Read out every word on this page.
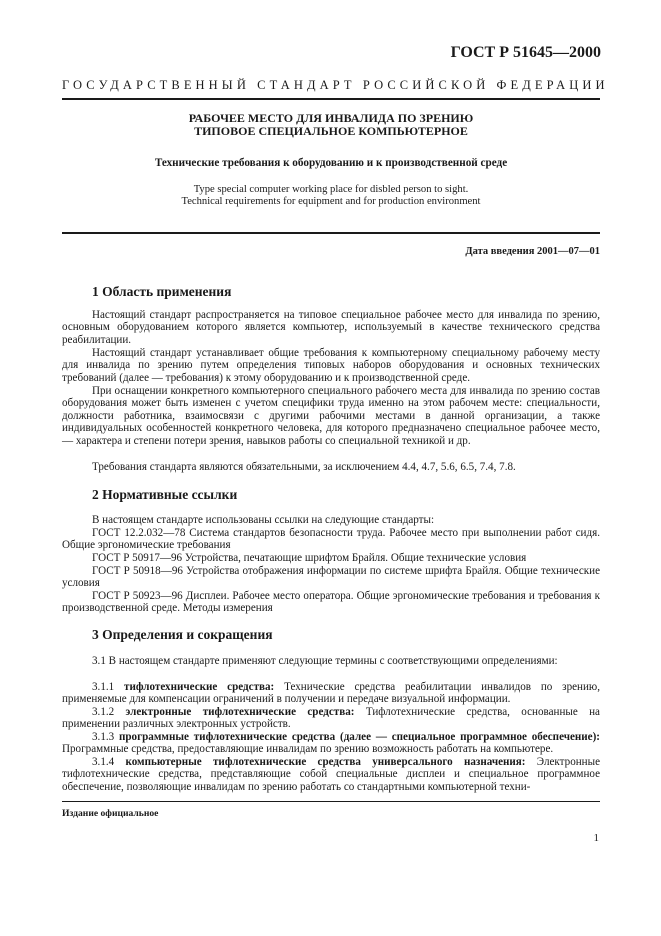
ГОСТ Р 51645—2000
ГОСУДАРСТВЕННЫЙ СТАНДАРТ РОССИЙСКОЙ ФЕДЕРАЦИИ
РАБОЧЕЕ МЕСТО ДЛЯ ИНВАЛИДА ПО ЗРЕНИЮ
ТИПОВОЕ СПЕЦИАЛЬНОЕ КОМПЬЮТЕРНОЕ
Технические требования к оборудованию и к производственной среде
Type special computer working place for disbled person to sight.
Technical requirements for equipment and for production environment
Дата введения 2001—07—01
1 Область применения
Настоящий стандарт распространяется на типовое специальное рабочее место для инвалида по зрению, основным оборудованием которого является компьютер, используемый в качестве технического средства реабилитации.
Настоящий стандарт устанавливает общие требования к компьютерному специальному рабочему месту для инвалида по зрению путем определения типовых наборов оборудования и основных технических требований (далее — требования) к этому оборудованию и к производственной среде.
При оснащении конкретного компьютерного специального рабочего места для инвалида по зрению состав оборудования может быть изменен с учетом специфики труда именно на этом рабочем месте: специальности, должности работника, взаимосвязи с другими рабочими местами в данной организации, а также индивидуальных особенностей конкретного человека, для которого предназначено специальное рабочее место, — характера и степени потери зрения, навыков работы со специальной техникой и др.
Требования стандарта являются обязательными, за исключением 4.4, 4.7, 5.6, 6.5, 7.4, 7.8.
2 Нормативные ссылки
В настоящем стандарте использованы ссылки на следующие стандарты:
ГОСТ 12.2.032—78 Система стандартов безопасности труда. Рабочее место при выполнении работ сидя. Общие эргономические требования
ГОСТ Р 50917—96 Устройства, печатающие шрифтом Брайля. Общие технические условия
ГОСТ Р 50918—96 Устройства отображения информации по системе шрифта Брайля. Общие технические условия
ГОСТ Р 50923—96 Дисплеи. Рабочее место оператора. Общие эргономические требования и требования к производственной среде. Методы измерения
3 Определения и сокращения
3.1 В настоящем стандарте применяют следующие термины с соответствующими определениями:
3.1.1 тифлотехнические средства: Технические средства реабилитации инвалидов по зрению, применяемые для компенсации ограничений в получении и передаче визуальной информации.
3.1.2 электронные тифлотехнические средства: Тифлотехнические средства, основанные на применении различных электронных устройств.
3.1.3 программные тифлотехнические средства (далее — специальное программное обеспечение): Программные средства, предоставляющие инвалидам по зрению возможность работать на компьютере.
3.1.4 компьютерные тифлотехнические средства универсального назначения: Электронные тифлотехнические средства, представляющие собой специальные дисплеи и специальное программное обеспечение, позволяющие инвалидам по зрению работать со стандартными компьютерной техни-
Издание официальное
1
